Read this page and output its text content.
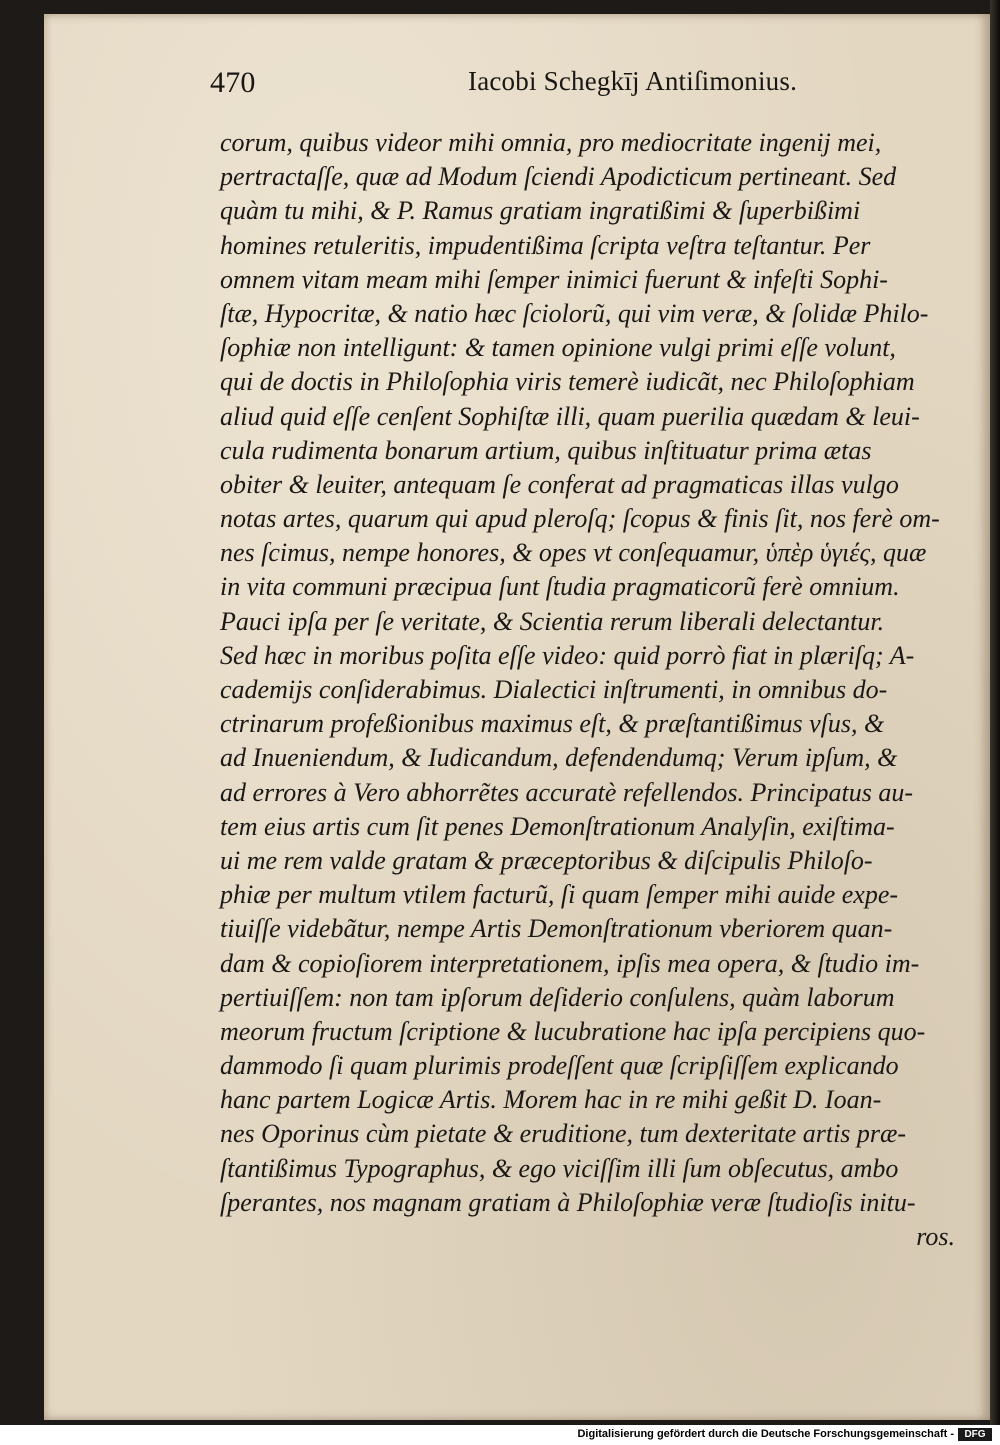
470	Iacobi Schegkīj Antiſimonius.
corum, quibus videor mihi omnia, pro mediocritate ingenij mei,
pertractaſſe, quæ ad Modum ſciendi Apodicticum pertineant. Sed
quàm tu mihi, & P. Ramus gratiam ingratißimi & ſuperbißimi
homines retuleritis, impudentißima ſcripta veſtra teſtantur. Per
omnem vitam meam mihi ſemper inimici fuerunt & infeſti Sophi-
ſtæ, Hypocritæ, & natio hæc ſciolorũ, qui vim veræ, & ſolidæ Philo-
ſophiæ non intelligunt: & tamen opinione vulgi primi eſſe volunt,
qui de doctis in Philoſophia viris temerè iudicãt, nec Philoſophiam
aliud quid eſſe cenſent Sophiſtæ illi, quam puerilia quædam & leui-
cula rudimenta bonarum artium, quibus inſtituatur prima ætas
obiter & leuiter, antequam ſe conferat ad pragmaticas illas vulgo
notas artes, quarum qui apud pleroſq; ſcopus & finis ſit, nos ferè om-
nes ſcimus, nempe honores, & opes vt conſequamur, ὑπὲρ ὑγιές, quæ
in vita communi præcipua ſunt ſtudia pragmaticorũ ferè omnium.
Pauci ipſa per ſe veritate, & Scientia rerum liberali delectantur.
Sed hæc in moribus poſita eſſe video: quid porrò fiat in plæriſq; A-
cademijs conſiderabimus. Dialectici inſtrumenti, in omnibus do-
ctrinarum profeßionibus maximus eſt, & præſtantißimus vſus, &
ad Inueniendum, & Iudicandum, defendendumq; Verum ipſum, &
ad errores à Vero abhorrẽtes accuratè refellendos. Principatus au-
tem eius artis cum ſit penes Demonſtrationum Analyſin, exiſtima-
ui me rem valde gratam & præceptoribus & diſcipulis Philoſo-
phiæ per multum vtilem facturũ, ſi quam ſemper mihi auide expe-
tiuiſſe videbãtur, nempe Artis Demonſtrationum vberiorem quan-
dam & copioſiorem interpretationem, ipſis mea opera, & ſtudio im-
pertiuiſſem: non tam ipſorum deſiderio conſulens, quàm laborum
meorum fructum ſcriptione & lucubratione hac ipſa percipiens quo-
dammodo ſi quam plurimis prodeſſent quæ ſcripſiſſem explicando
hanc partem Logicæ Artis. Morem hac in re mihi geßit D. Ioan-
nes Oporinus cùm pietate & eruditione, tum dexteritate artis præ-
ſtantißimus Typographus, & ego viciſſim illi ſum obſecutus, ambo
ſperantes, nos magnam gratiam à Philoſophiæ veræ ſtudioſis initu-
ros.
Digitalisierung gefördert durch die Deutsche Forschungsgemeinschaft -	DFG
